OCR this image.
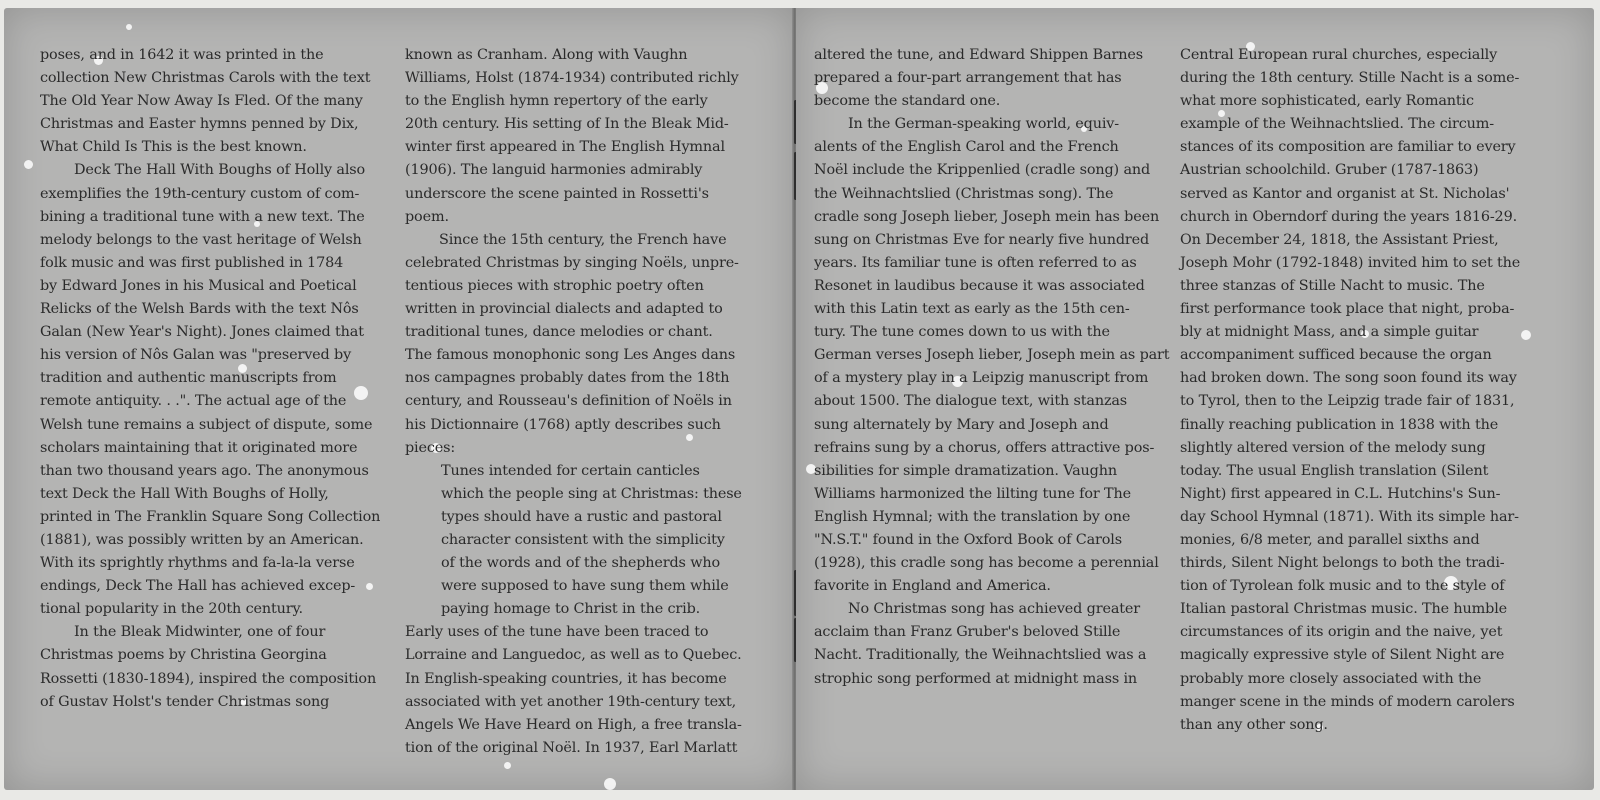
poses, and in 1642 it was printed in the
collection New Christmas Carols with the text
The Old Year Now Away Is Fled. Of the many
Christmas and Easter hymns penned by Dix,
What Child Is This is the best known.

Deck The Hall With Boughs of Holly also
exemplifies the 19th-century custom of com-
bining a traditional tune with a new text. The
melody belongs to the vast heritage of Welsh
folk music and was first published in 1784
by Edward Jones in his Musical and Poetical
Relicks of the Welsh Bards with the text Nôs
Galan (New Year's Night). Jones claimed that
his version of Nôs Galan was "preserved by
tradition and authentic manuscripts from
remote antiquity. . .". The actual age of the
Welsh tune remains a subject of dispute, some
scholars maintaining that it originated more
than two thousand years ago. The anonymous
text Deck the Hall With Boughs of Holly,
printed in The Franklin Square Song Collection
(1881), was possibly written by an American.
With its sprightly rhythms and fa-la-la verse
endings, Deck The Hall has achieved excep-
tional popularity in the 20th century.

In the Bleak Midwinter, one of four
Christmas poems by Christina Georgina
Rossetti (1830-1894), inspired the composition
of Gustav Holst's tender Christmas song

known as Cranham. Along with Vaughn
Williams, Holst (1874-1934) contributed richly
to the English hymn repertory of the early
20th century. His setting of In the Bleak Mid-
winter first appeared in The English Hymnal
(1906). The languid harmonies admirably
underscore the scene painted in Rossetti's
poem.

Since the 15th century, the French have
celebrated Christmas by singing Noëls, unpre-
tentious pieces with strophic poetry often
written in provincial dialects and adapted to
traditional tunes, dance melodies or chant.
The famous monophonic song Les Anges dans
nos campagnes probably dates from the 18th
century, and Rousseau's definition of Noëls in
his Dictionnaire (1768) aptly describes such
pieces:

Tunes intended for certain canticles
which the people sing at Christmas: these
types should have a rustic and pastoral
character consistent with the simplicity
of the words and of the shepherds who
were supposed to have sung them while
paying homage to Christ in the crib.

Early uses of the tune have been traced to
Lorraine and Languedoc, as well as to Quebec.
In English-speaking countries, it has become
associated with yet another 19th-century text,
Angels We Have Heard on High, a free transla-
tion of the original Noël. In 1937, Earl Marlatt

altered the tune, and Edward Shippen Barnes
prepared a four-part arrangement that has
become the standard one.

In the German-speaking world, equiv-
alents of the English Carol and the French
Noël include the Krippenlied (cradle song) and
the Weihnachtslied (Christmas song). The
cradle song Joseph lieber, Joseph mein has been
sung on Christmas Eve for nearly five hundred
years. Its familiar tune is often referred to as
Resonet in laudibus because it was associated
with this Latin text as early as the 15th cen-
tury. The tune comes down to us with the
German verses Joseph lieber, Joseph mein as part
of a mystery play in a Leipzig manuscript from
about 1500. The dialogue text, with stanzas
sung alternately by Mary and Joseph and
refrains sung by a chorus, offers attractive pos-
sibilities for simple dramatization. Vaughn
Williams harmonized the lilting tune for The
English Hymnal; with the translation by one
"N.S.T." found in the Oxford Book of Carols
(1928), this cradle song has become a perennial
favorite in England and America.

No Christmas song has achieved greater
acclaim than Franz Gruber's beloved Stille
Nacht. Traditionally, the Weihnachtslied was a
strophic song performed at midnight mass in

Central European rural churches, especially
during the 18th century. Stille Nacht is a some-
what more sophisticated, early Romantic
example of the Weihnachtslied. The circum-
stances of its composition are familiar to every
Austrian schoolchild. Gruber (1787-1863)
served as Kantor and organist at St. Nicholas'
church in Oberndorf during the years 1816-29.
On December 24, 1818, the Assistant Priest,
Joseph Mohr (1792-1848) invited him to set the
three stanzas of Stille Nacht to music. The
first performance took place that night, proba-
bly at midnight Mass, and a simple guitar
accompaniment sufficed because the organ
had broken down. The song soon found its way
to Tyrol, then to the Leipzig trade fair of 1831,
finally reaching publication in 1838 with the
slightly altered version of the melody sung
today. The usual English translation (Silent
Night) first appeared in C.L. Hutchins's Sun-
day School Hymnal (1871). With its simple har-
monies, 6/8 meter, and parallel sixths and
thirds, Silent Night belongs to both the tradi-
tion of Tyrolean folk music and to the style of
Italian pastoral Christmas music. The humble
circumstances of its origin and the naive, yet
magically expressive style of Silent Night are
probably more closely associated with the
manger scene in the minds of modern carolers
than any other song.
